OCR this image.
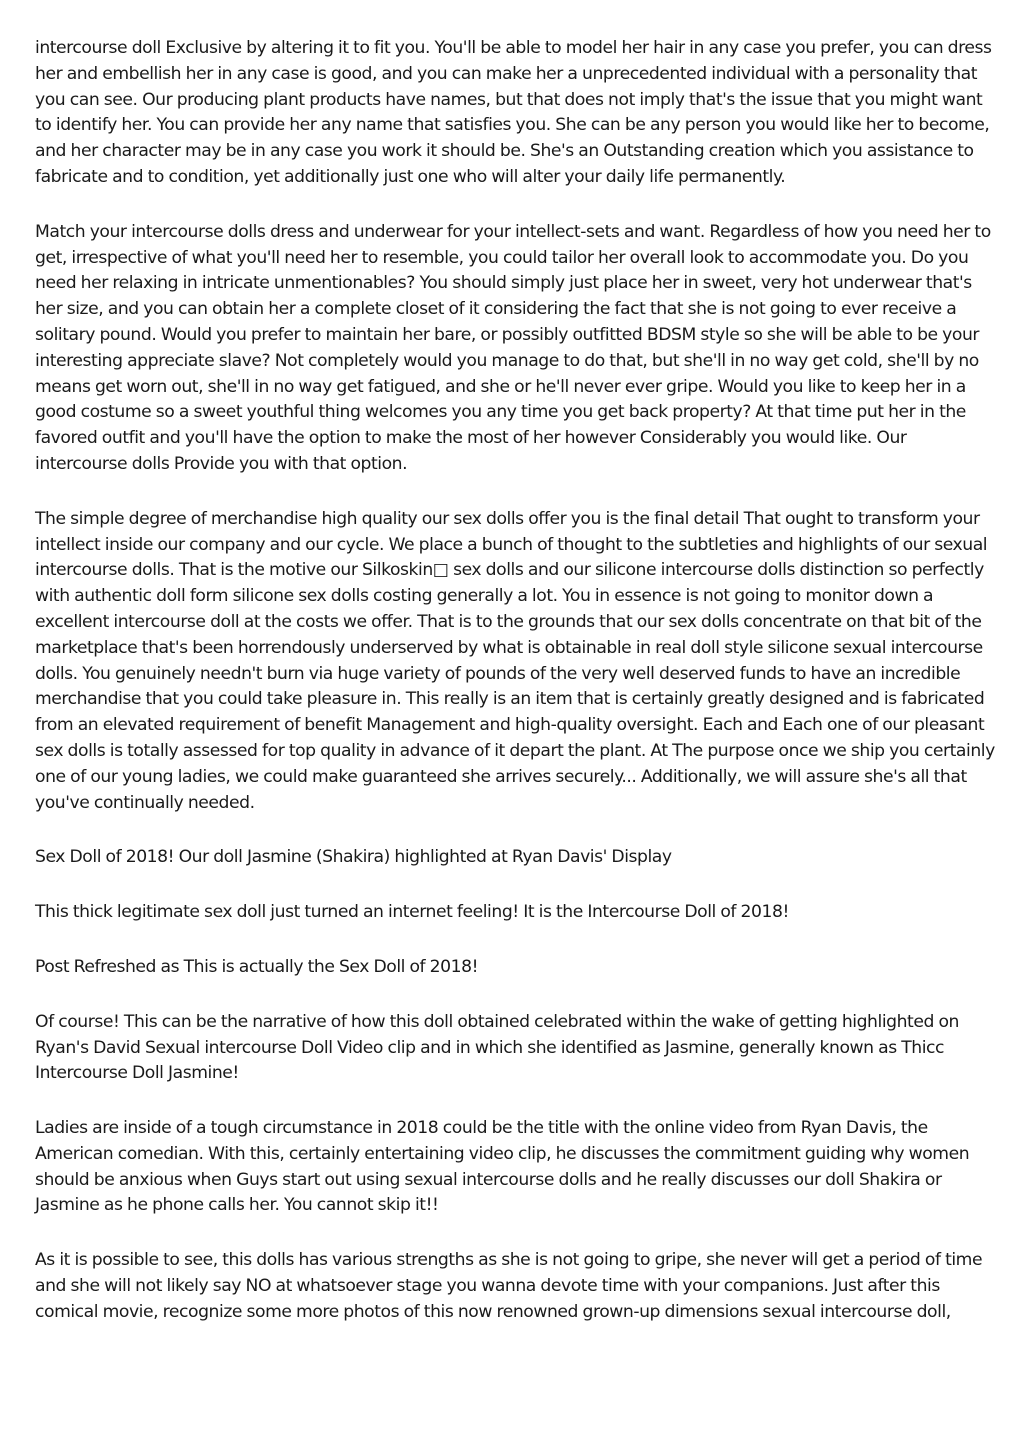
intercourse doll Exclusive by altering it to fit you. You'll be able to model her hair in any case you prefer, you can dress her and embellish her in any case is good, and you can make her a unprecedented individual with a personality that you can see. Our producing plant products have names, but that does not imply that's the issue that you might want to identify her. You can provide her any name that satisfies you. She can be any person you would like her to become, and her character may be in any case you work it should be. She's an Outstanding creation which you assistance to fabricate and to condition, yet additionally just one who will alter your daily life permanently.

Match your intercourse dolls dress and underwear for your intellect-sets and want. Regardless of how you need her to get, irrespective of what you'll need her to resemble, you could tailor her overall look to accommodate you. Do you need her relaxing in intricate unmentionables? You should simply just place her in sweet, very hot underwear that's her size, and you can obtain her a complete closet of it considering the fact that she is not going to ever receive a solitary pound. Would you prefer to maintain her bare, or possibly outfitted BDSM style so she will be able to be your interesting appreciate slave? Not completely would you manage to do that, but she'll in no way get cold, she'll by no means get worn out, she'll in no way get fatigued, and she or he'll never ever gripe. Would you like to keep her in a good costume so a sweet youthful thing welcomes you any time you get back property? At that time put her in the favored outfit and you'll have the option to make the most of her however Considerably you would like. Our intercourse dolls Provide you with that option.

The simple degree of merchandise high quality our sex dolls offer you is the final detail That ought to transform your intellect inside our company and our cycle. We place a bunch of thought to the subtleties and highlights of our sexual intercourse dolls. That is the motive our Silkoskin□ sex dolls and our silicone intercourse dolls distinction so perfectly with authentic doll form silicone sex dolls costing generally a lot. You in essence is not going to monitor down a excellent intercourse doll at the costs we offer. That is to the grounds that our sex dolls concentrate on that bit of the marketplace that's been horrendously underserved by what is obtainable in real doll style silicone sexual intercourse dolls. You genuinely needn't burn via huge variety of pounds of the very well deserved funds to have an incredible merchandise that you could take pleasure in. This really is an item that is certainly greatly designed and is fabricated from an elevated requirement of benefit Management and high-quality oversight. Each and Each one of our pleasant sex dolls is totally assessed for top quality in advance of it depart the plant. At The purpose once we ship you certainly one of our young ladies, we could make guaranteed she arrives securely... Additionally, we will assure she's all that you've continually needed.

Sex Doll of 2018! Our doll Jasmine (Shakira) highlighted at Ryan Davis' Display

This thick legitimate sex doll just turned an internet feeling! It is the Intercourse Doll of 2018!

Post Refreshed as This is actually the Sex Doll of 2018!

Of course! This can be the narrative of how this doll obtained celebrated within the wake of getting highlighted on Ryan's David Sexual intercourse Doll Video clip and in which she identified as Jasmine, generally known as Thicc Intercourse Doll Jasmine!

Ladies are inside of a tough circumstance in 2018 could be the title with the online video from Ryan Davis, the American comedian. With this, certainly entertaining video clip, he discusses the commitment guiding why women should be anxious when Guys start out using sexual intercourse dolls and he really discusses our doll Shakira or Jasmine as he phone calls her. You cannot skip it!!

As it is possible to see, this dolls has various strengths as she is not going to gripe, she never will get a period of time and she will not likely say NO at whatsoever stage you wanna devote time with your companions. Just after this comical movie, recognize some more photos of this now renowned grown-up dimensions sexual intercourse doll,
